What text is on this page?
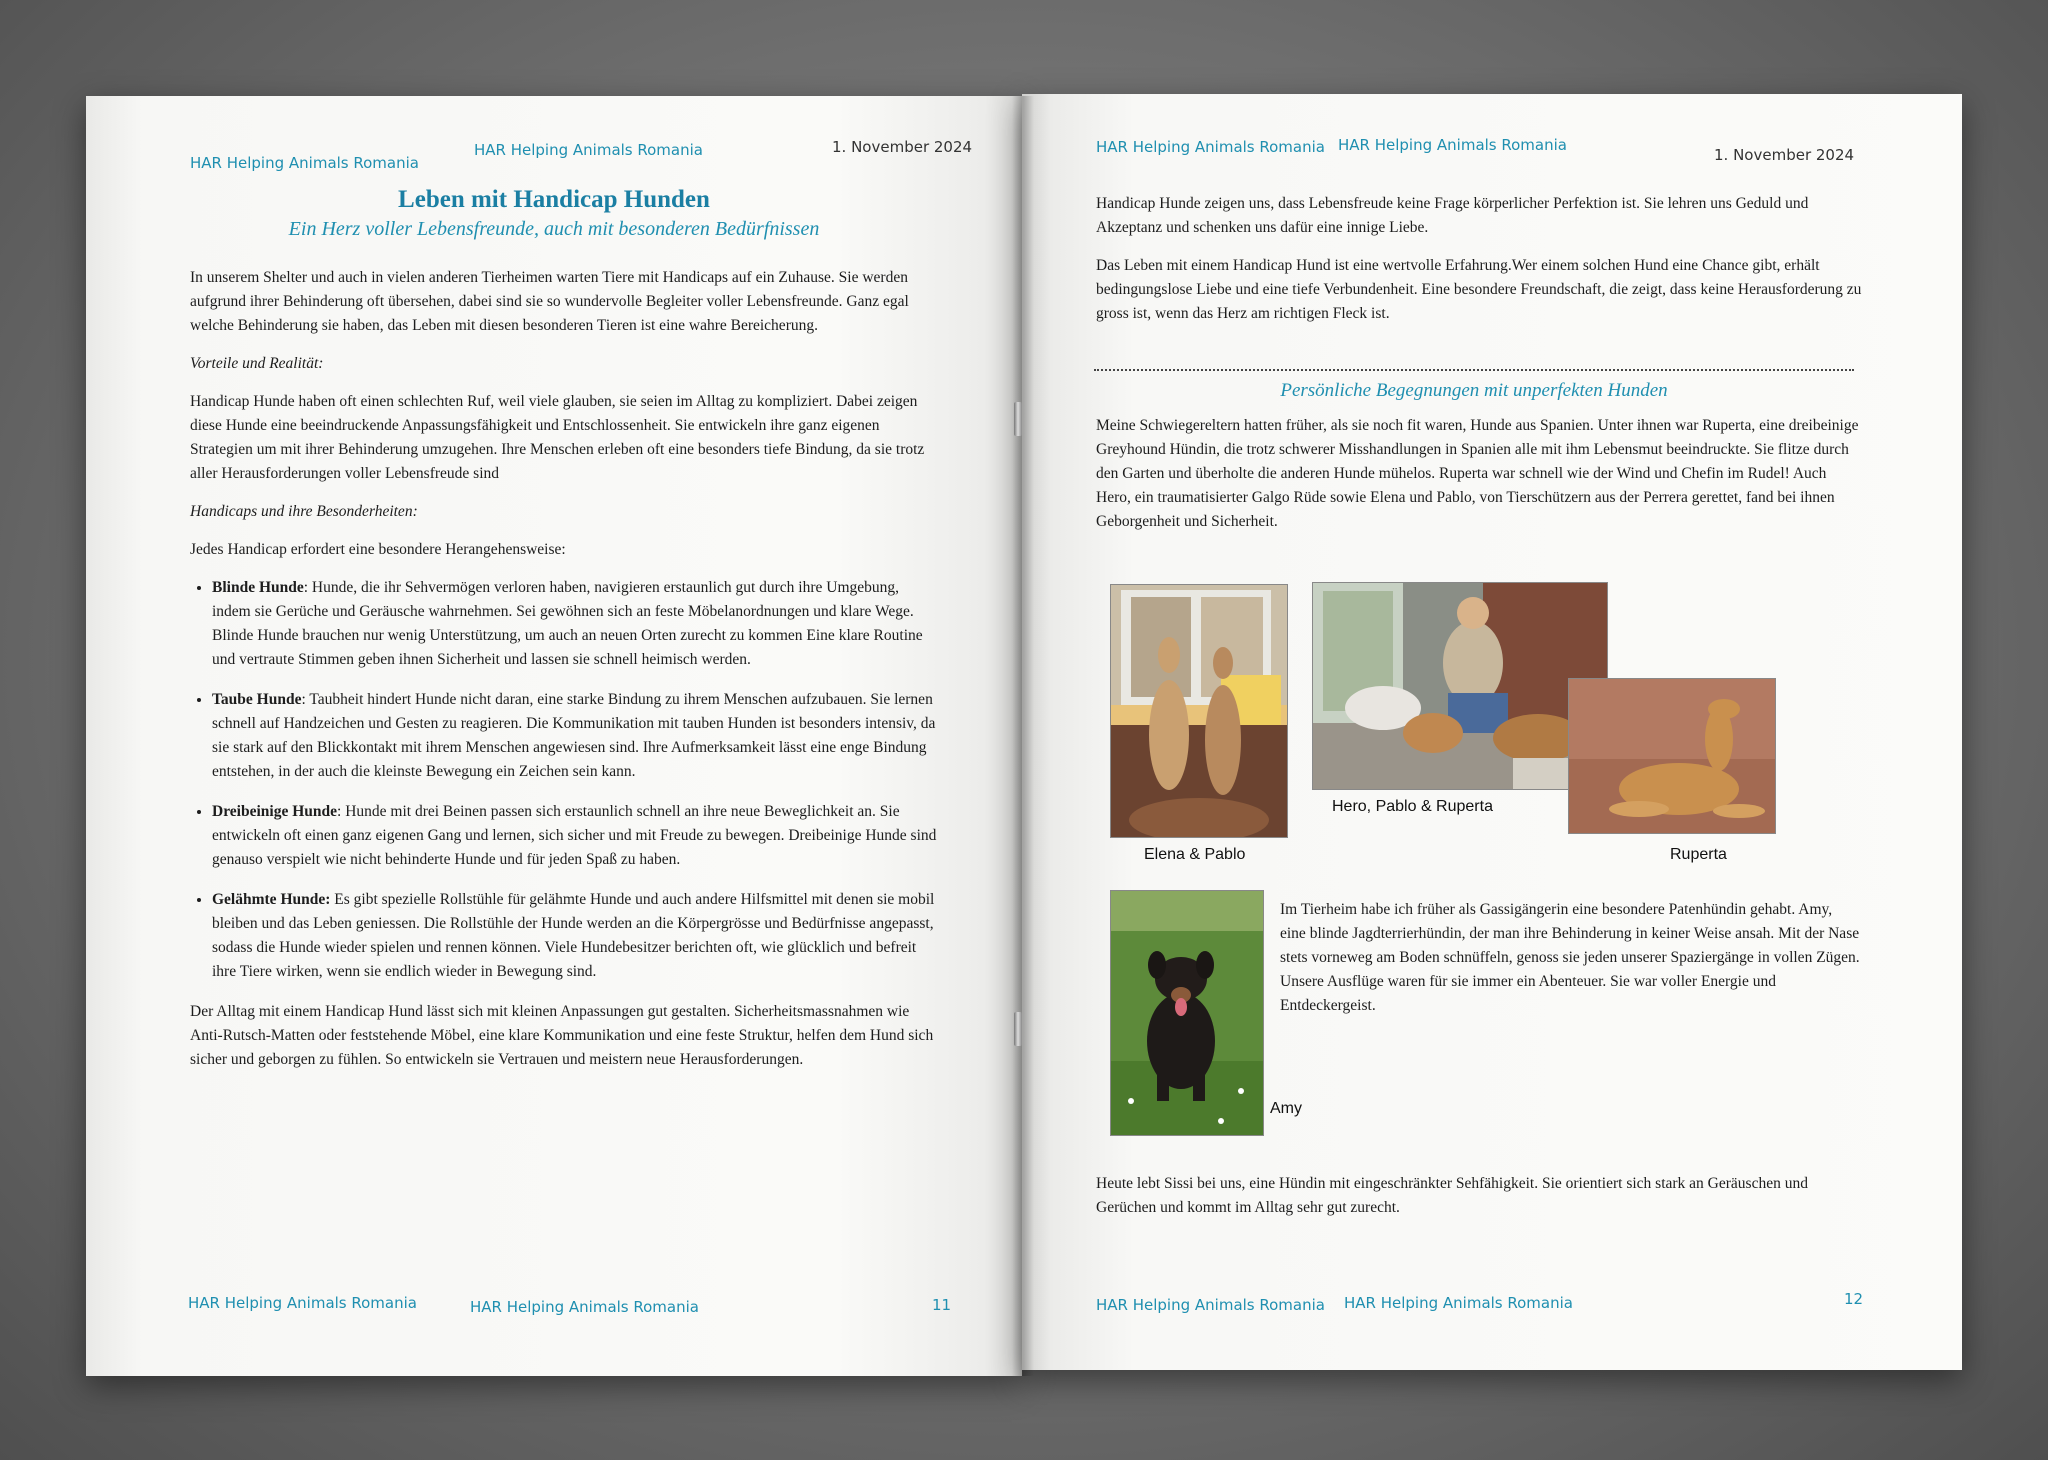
HAR Helping Animals Romania
HAR Helping Animals Romania	1. November 2024
Leben mit Handicap Hunden
Ein Herz voller Lebensfreunde, auch mit besonderen Bedürfnissen

In unserem Shelter und auch in vielen anderen Tierheimen warten Tiere mit Handicaps auf ein Zuhause. Sie werden aufgrund ihrer Behinderung oft übersehen, dabei sind sie so wundervolle Begleiter voller Lebensfreunde. Ganz egal welche Behinderung sie haben, das Leben mit diesen besonderen Tieren ist eine wahre Bereicherung.

Vorteile und Realität:

Handicap Hunde haben oft einen schlechten Ruf, weil viele glauben, sie seien im Alltag zu kompliziert. Dabei zeigen diese Hunde eine beeindruckende Anpassungsfähigkeit und Entschlossenheit. Sie entwickeln ihre ganz eigenen Strategien um mit ihrer Behinderung umzugehen. Ihre Menschen erleben oft eine besonders tiefe Bindung, da sie trotz aller Herausforderungen voller Lebensfreude sind

Handicaps und ihre Besonderheiten:

Jedes Handicap erfordert eine besondere Herangehensweise:

• Blinde Hunde: Hunde, die ihr Sehvermögen verloren haben, navigieren erstaunlich gut durch ihre Umgebung, indem sie Gerüche und Geräusche wahrnehmen. Sei gewöhnen sich an feste Möbelanordnungen und klare Wege. Blinde Hunde brauchen nur wenig Unterstützung, um auch an neuen Orten zurecht zu kommen Eine klare Routine und vertraute Stimmen geben ihnen Sicherheit und lassen sie schnell heimisch werden.
• Taube Hunde: Taubheit hindert Hunde nicht daran, eine starke Bindung zu ihrem Menschen aufzubauen. Sie lernen schnell auf Handzeichen und Gesten zu reagieren. Die Kommunikation mit tauben Hunden ist besonders intensiv, da sie stark auf den Blickkontakt mit ihrem Menschen angewiesen sind. Ihre Aufmerksamkeit lässt eine enge Bindung entstehen, in der auch die kleinste Bewegung ein Zeichen sein kann.
• Dreibeinige Hunde: Hunde mit drei Beinen passen sich erstaunlich schnell an ihre neue Beweglichkeit an. Sie entwickeln oft einen ganz eigenen Gang und lernen, sich sicher und mit Freude zu bewegen. Dreibeinige Hunde sind genauso verspielt wie nicht behinderte Hunde und für jeden Spaß zu haben.
• Gelähmte Hunde: Es gibt spezielle Rollstühle für gelähmte Hunde und auch andere Hilfsmittel mit denen sie mobil bleiben und das Leben geniessen. Die Rollstühle der Hunde werden an die Körpergrösse und Bedürfnisse angepasst, sodass die Hunde wieder spielen und rennen können. Viele Hundebesitzer berichten oft, wie glücklich und befreit ihre Tiere wirken, wenn sie endlich wieder in Bewegung sind.

Der Alltag mit einem Handicap Hund lässt sich mit kleinen Anpassungen gut gestalten. Sicherheitsmassnahmen wie Anti-Rutsch-Matten oder feststehende Möbel, eine klare Kommunikation und eine feste Struktur, helfen dem Hund sich sicher und geborgen zu fühlen. So entwickeln sie Vertrauen und meistern neue Herausforderungen.

HAR Helping Animals Romania	HAR Helping Animals Romania	11
HAR Helping Animals Romania HAR Helping Animals Romania
1. November 2024

Handicap Hunde zeigen uns, dass Lebensfreude keine Frage körperlicher Perfektion ist. Sie lehren uns Geduld und Akzeptanz und schenken uns dafür eine innige Liebe.

Das Leben mit einem Handicap Hund ist eine wertvolle Erfahrung.Wer einem solchen Hund eine Chance gibt, erhält bedingungslose Liebe und eine tiefe Verbundenheit. Eine besondere Freundschaft, die zeigt, dass keine Herausforderung zu gross ist, wenn das Herz am richtigen Fleck ist.

Persönliche Begegnungen mit unperfekten Hunden

Meine Schwiegereltern hatten früher, als sie noch fit waren, Hunde aus Spanien. Unter ihnen war Ruperta, eine dreibeinige Greyhound Hündin, die trotz schwerer Misshandlungen in Spanien alle mit ihm Lebensmut beeindruckte. Sie flitze durch den Garten und überholte die anderen Hunde mühelos. Ruperta war schnell wie der Wind und Chefin im Rudel! Auch Hero, ein traumatisierter Galgo Rüde sowie Elena und Pablo, von Tierschützern aus der Perrera gerettet, fand bei ihnen Geborgenheit und Sicherheit.

Elena & Pablo
Hero, Pablo & Ruperta
Ruperta
Amy

Im Tierheim habe ich früher als Gassigängerin eine besondere Patenhündin gehabt. Amy, eine blinde Jagdterrierhündin, der man ihre Behinderung in keiner Weise ansah. Mit der Nase stets vorneweg am Boden schnüffeln, genoss sie jeden unserer Spaziergänge in vollen Zügen. Unsere Ausflüge waren für sie immer ein Abenteuer. Sie war voller Energie und Entdeckergeist.

Heute lebt Sissi bei uns, eine Hündin mit eingeschränkter Sehfähigkeit. Sie orientiert sich stark an Geräuschen und Gerüchen und kommt im Alltag sehr gut zurecht.

HAR Helping Animals Romania HAR Helping Animals Romania	12
